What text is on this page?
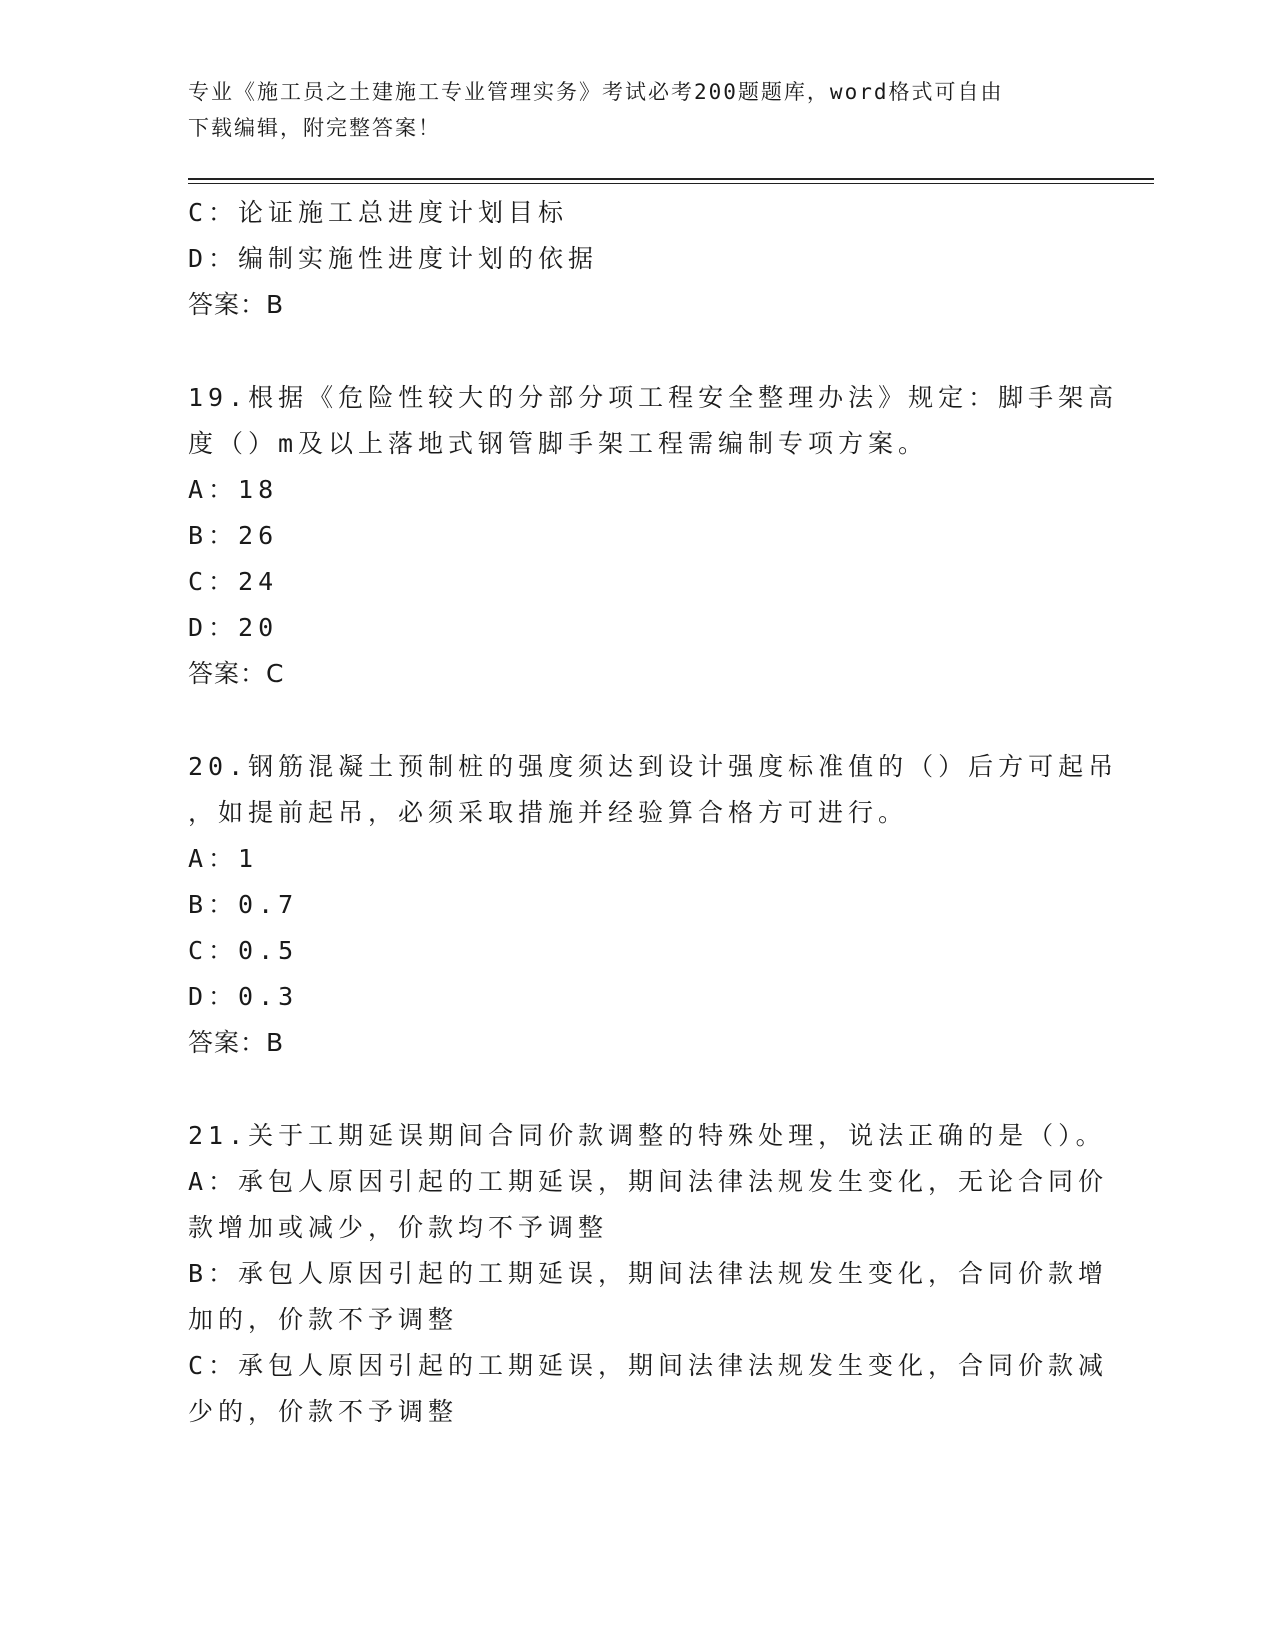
专业《施工员之土建施工专业管理实务》考试必考200题题库，word格式可自由
下载编辑，附完整答案！
C：论证施工总进度计划目标
D：编制实施性进度计划的依据
答案：B
19.根据《危险性较大的分部分项工程安全整理办法》规定：脚手架高
度（）m及以上落地式钢管脚手架工程需编制专项方案。
A：18
B：26
C：24
D：20
答案：C
20.钢筋混凝土预制桩的强度须达到设计强度标准值的（）后方可起吊
，如提前起吊，必须采取措施并经验算合格方可进行。
A：1
B：0.7
C：0.5
D：0.3
答案：B
21.关于工期延误期间合同价款调整的特殊处理，说法正确的是（）。
A：承包人原因引起的工期延误，期间法律法规发生变化，无论合同价
款增加或减少，价款均不予调整
B：承包人原因引起的工期延误，期间法律法规发生变化，合同价款增
加的，价款不予调整
C：承包人原因引起的工期延误，期间法律法规发生变化，合同价款减
少的，价款不予调整
